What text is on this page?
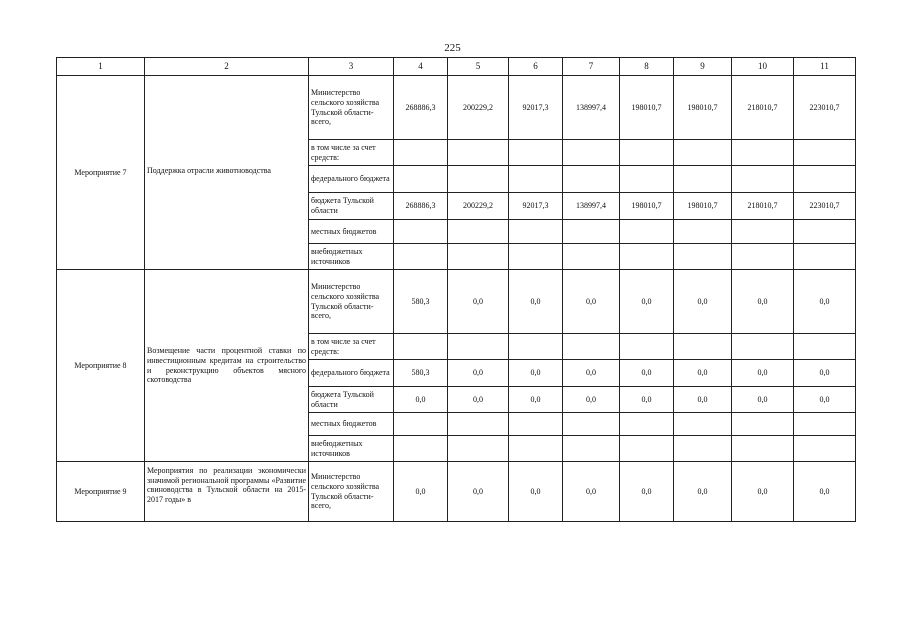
225
1	2	3	4	5	6	7	8	9	10	11
Мероприятие 7	Поддержка отрасли животноводства	Министерство сельского хозяйства Тульской области-всего,	268886,3	200229,2	92017,3	138997,4	198010,7	198010,7	218010,7	223010,7
		в том числе за счет средств:								
		федерального бюджета								
		бюджета Тульской области	268886,3	200229,2	92017,3	138997,4	198010,7	198010,7	218010,7	223010,7
		местных бюджетов								
		внебюджетных источников								
Мероприятие 8	Возмещение части процентной ставки по инвестиционным кредитам на строительство и реконструкцию объектов мясного скотоводства	Министерство сельского хозяйства Тульской области-всего,	580,3	0,0	0,0	0,0	0,0	0,0	0,0	0,0
		в том числе за счет средств:								
		федерального бюджета	580,3	0,0	0,0	0,0	0,0	0,0	0,0	0,0
		бюджета Тульской области	0,0	0,0	0,0	0,0	0,0	0,0	0,0	0,0
		местных бюджетов								
		внебюджетных источников								
Мероприятие 9	Мероприятия по реализации экономически значимой региональной программы «Развитие свиноводства в Тульской области на 2015-2017 годы» в	Министерство сельского хозяйства Тульской области-всего,	0,0	0,0	0,0	0,0	0,0	0,0	0,0	0,0
